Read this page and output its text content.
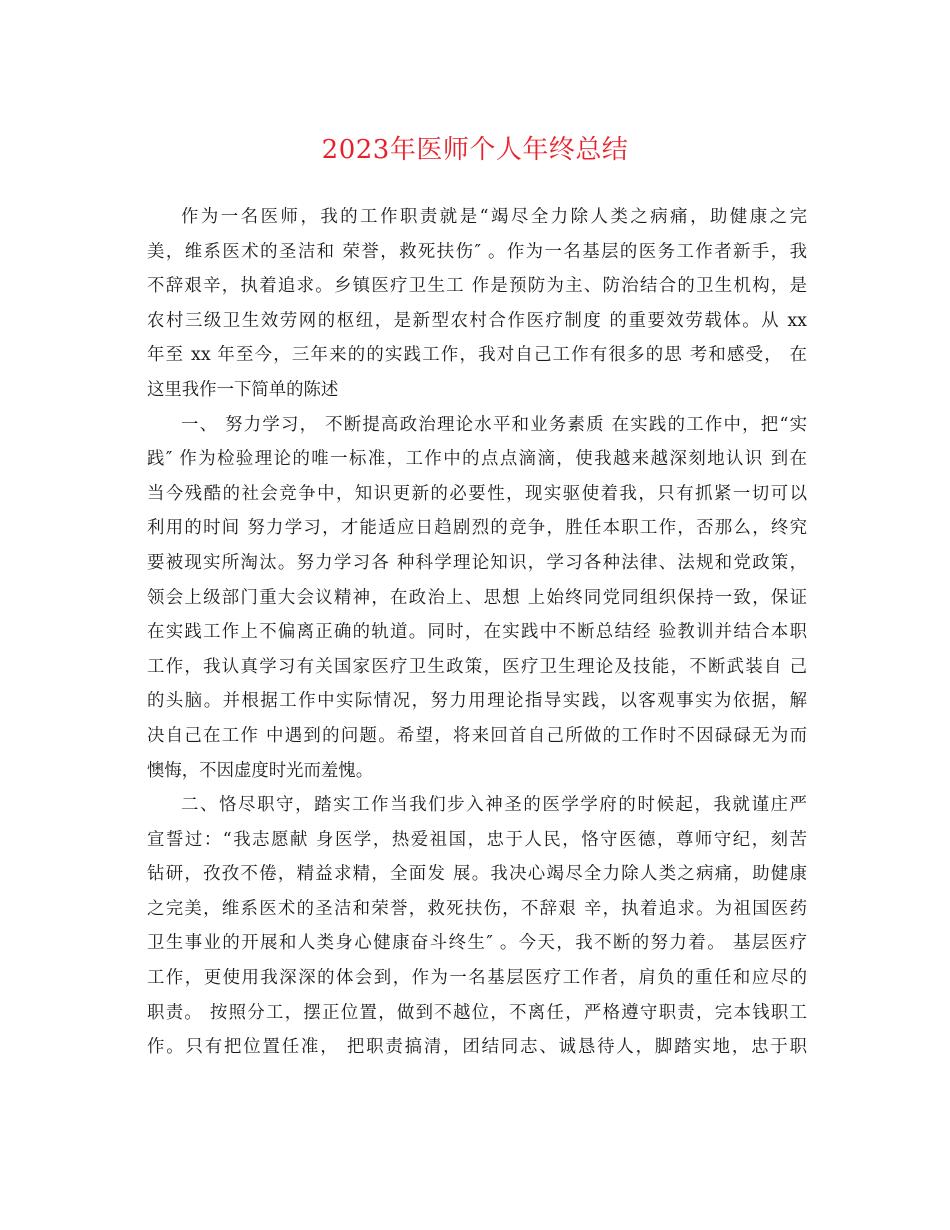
2023年医师个人年终总结
作为一名医师，我的工作职责就是“竭尽全力除人类之病痛，助健康之完
美，维系医术的圣洁和 荣誉，救死扶伤″ 。作为一名基层的医务工作者新手，我
不辞艰辛，执着追求。乡镇医疗卫生工 作是预防为主、防治结合的卫生机构，是
农村三级卫生效劳网的枢纽，是新型农村合作医疗制度 的重要效劳载体。从 xx
年至 xx 年至今，三年来的的实践工作，我对自己工作有很多的思 考和感受， 在
这里我作一下简单的陈述
一、 努力学习， 不断提高政治理论水平和业务素质 在实践的工作中，把“实
践″ 作为检验理论的唯一标准，工作中的点点滴滴，使我越来越深刻地认识 到在
当今残酷的社会竞争中，知识更新的必要性，现实驱使着我，只有抓紧一切可以
利用的时间 努力学习，才能适应日趋剧烈的竞争，胜任本职工作，否那么，终究
要被现实所淘汰。努力学习各 种科学理论知识，学习各种法律、法规和党政策，
领会上级部门重大会议精神，在政治上、思想 上始终同党同组织保持一致，保证
在实践工作上不偏离正确的轨道。同时，在实践中不断总结经 验教训并结合本职
工作，我认真学习有关国家医疗卫生政策，医疗卫生理论及技能，不断武装自 己
的头脑。并根据工作中实际情况，努力用理论指导实践，以客观事实为依据，解
决自己在工作 中遇到的问题。希望，将来回首自己所做的工作时不因碌碌无为而
懊悔，不因虚度时光而羞愧。
二、恪尽职守，踏实工作当我们步入神圣的医学学府的时候起，我就谨庄严
宣誓过：“我志愿献 身医学，热爱祖国，忠于人民，恪守医德，尊师守纪，刻苦
钻研，孜孜不倦，精益求精，全面发 展。我决心竭尽全力除人类之病痛，助健康
之完美，维系医术的圣洁和荣誉，救死扶伤，不辞艰 辛，执着追求。为祖国医药
卫生事业的开展和人类身心健康奋斗终生″ 。今天，我不断的努力着。 基层医疗
工作，更使用我深深的体会到，作为一名基层医疗工作者，肩负的重任和应尽的
职责。 按照分工，摆正位置，做到不越位，不离任，严格遵守职责，完本钱职工
作。只有把位置任准， 把职责搞清，团结同志、诚恳待人，脚踏实地，忠于职
